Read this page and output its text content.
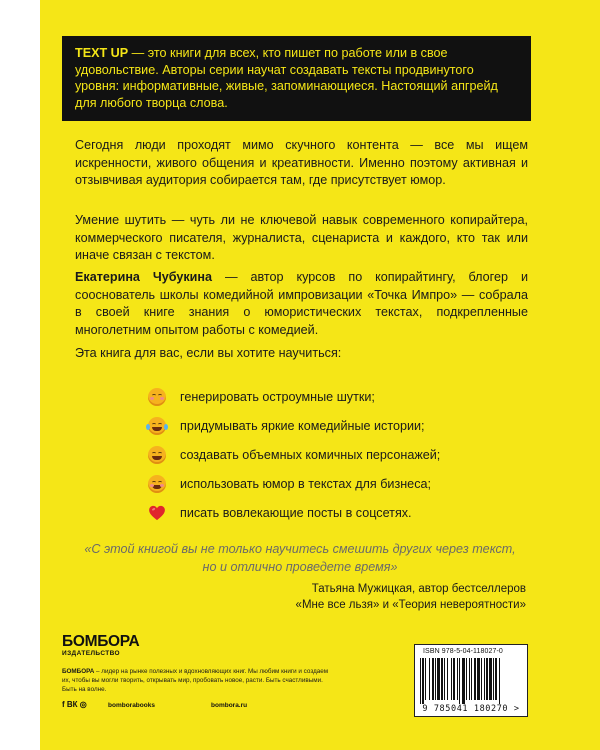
TEXT UP — это книги для всех, кто пишет по работе или в свое удовольствие. Авторы серии научат создавать тексты продвинутого уровня: информативные, живые, запоминающиеся. Настоящий апгрейд для любого творца слова.
Сегодня люди проходят мимо скучного контента — все мы ищем искренности, живого общения и креативности. Именно поэтому активная и отзывчивая аудитория собирается там, где присутствует юмор.
Умение шутить — чуть ли не ключевой навык современного копирайтера, коммерческого писателя, журналиста, сценариста и каждого, кто так или иначе связан с текстом.
Екатерина Чубукина — автор курсов по копирайтингу, блогер и сооснователь школы комедийной импровизации «Точка Импро» — собрала в своей книге знания о юмористических текстах, подкрепленные многолетним опытом работы с комедией.
Эта книга для вас, если вы хотите научиться:
генерировать остроумные шутки;
придумывать яркие комедийные истории;
создавать объемных комичных персонажей;
использовать юмор в текстах для бизнеса;
писать вовлекающие посты в соцсетях.
«С этой книгой вы не только научитесь смешить других через текст,
но и отлично проведете время»
Татьяна Мужицкая, автор бестселлеров
«Мне все льзя» и «Теория невероятности»
БОМБОРА
ИЗДАТЕЛЬСТВО
БОМБОРА – лидер на рынке полезных и вдохновляющих книг. Мы любим книги и создаем их, чтобы вы могли творить, открывать мир, пробовать новое, расти. Быть счастливыми. Быть на волне.
f ВК ◎	bomborabooks	bombora.ru
ISBN 978-5-04-118027-0
9 785041 180270 >
